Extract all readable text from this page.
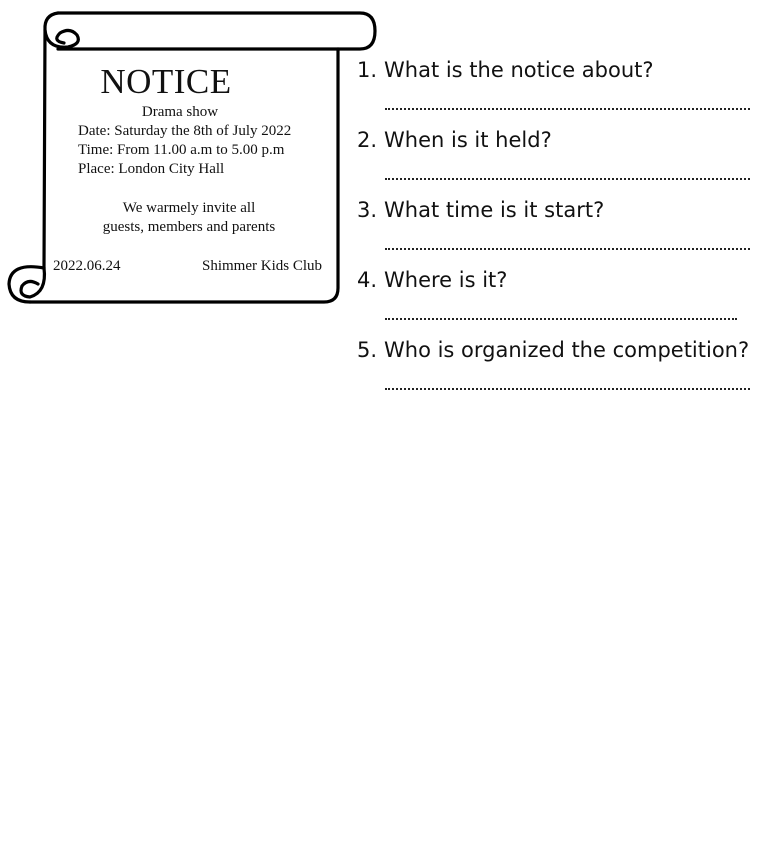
NOTICE
Drama show
Date: Saturday the 8th of July 2022
Time: From 11.00 a.m to 5.00 p.m
Place: London City Hall
We warmely invite all
guests, members and parents
2022.06.24	Shimmer Kids Club
1. What is the notice about?
2. When is it held?
3. What time is it start?
4. Where is it?
5. Who is organized the competition?
